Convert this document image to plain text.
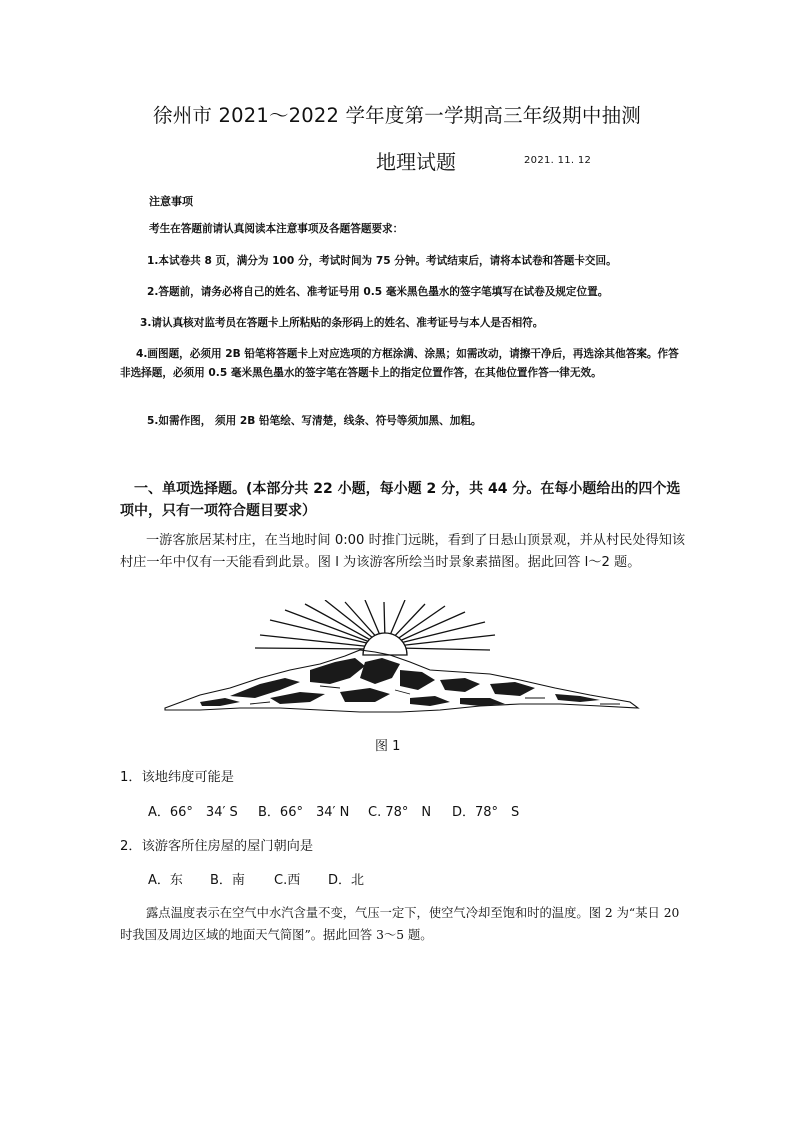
徐州市 2021～2022 学年度第一学期高三年级期中抽测
地理试题	2021. 11. 12
注意事项
考生在答题前请认真阅读本注意事项及各题答题要求：
1.本试卷共 8 页，满分为 100 分，考试时间为 75 分钟。考试结束后，请将本试卷和答题卡交回。
2.答题前，请务必将自己的姓名、准考证号用 0.5 毫米黑色墨水的签字笔填写在试卷及规定位置。
3.请认真核对监考员在答题卡上所粘贴的条形码上的姓名、准考证号与本人是否相符。
4.画图题，必须用 2B 铅笔将答题卡上对应选项的方框涂满、涂黑；如需改动，请擦干净后，再选涂其他答案。作答非选择题，必须用 0.5 毫米黑色墨水的签字笔在答题卡上的指定位置作答，在其他位置作答一律无效。
5.如需作图， 须用 2B 铅笔绘、写清楚，线条、符号等须加黑、加粗。
一、单项选择题。(本部分共 22 小题，每小题 2 分，共 44 分。在每小题给出的四个选项中，只有一项符合题目要求）
一游客旅居某村庄，在当地时间 0:00 时推门远眺，看到了日悬山顶景观，并从村民处得知该村庄一年中仅有一天能看到此景。图 l 为该游客所绘当时景象素描图。据此回答 l～2 题。
图 1
1．该地纬度可能是
A．66°　34′ S B．66°　34′ N C. 78°　N D．78°　S
2．该游客所住房屋的屋门朝向是
A．东 B．南 C.西 D．北
露点温度表示在空气中水汽含量不变，气压一定下，使空气冷却至饱和时的温度。图 2 为“某日 20 时我国及周边区域的地面天气简图”。据此回答 3～5 题。
